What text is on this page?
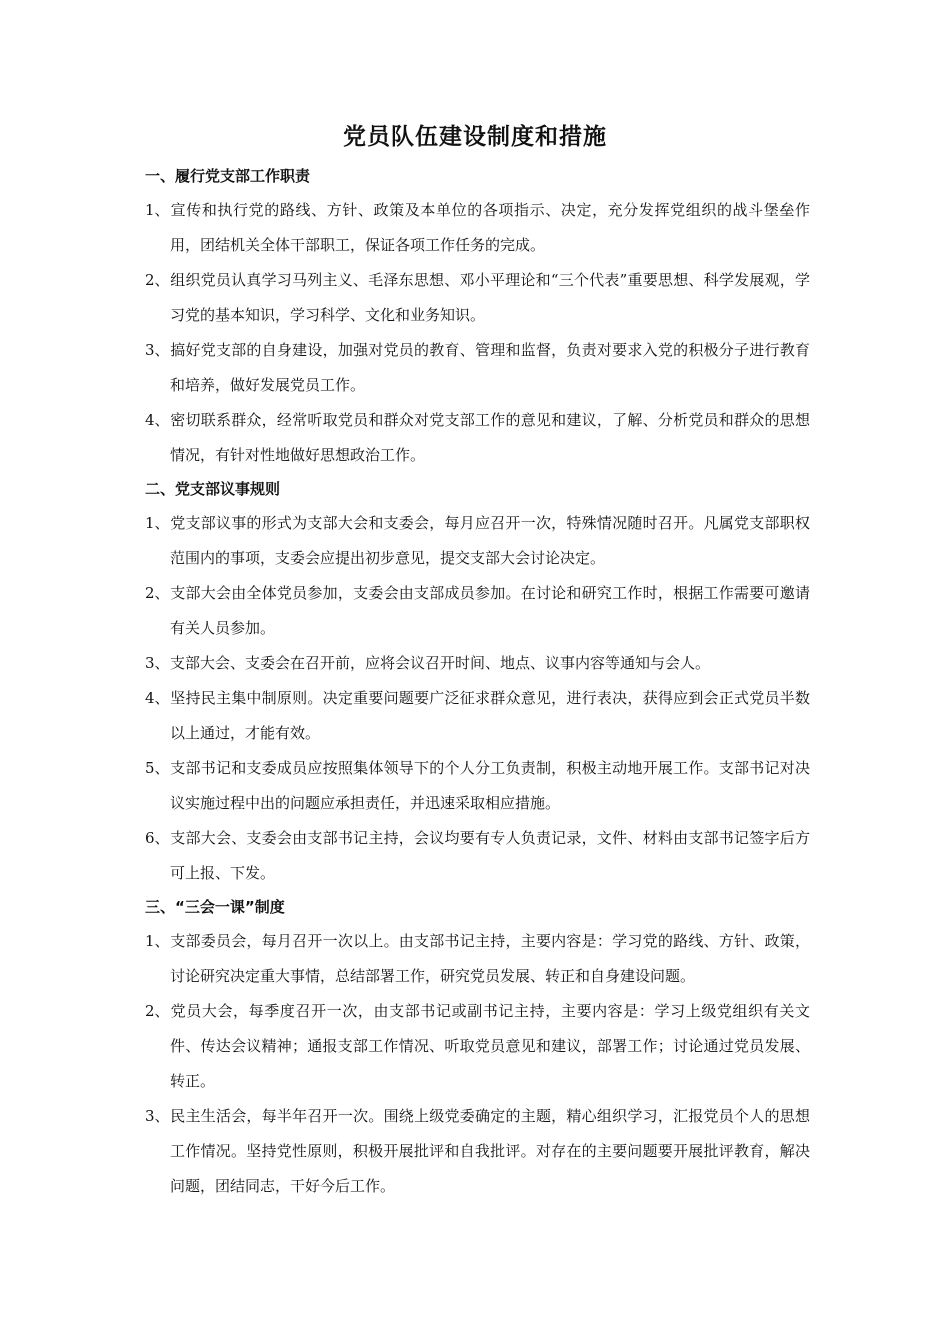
党员队伍建设制度和措施
一、履行党支部工作职责
1、宣传和执行党的路线、方针、政策及本单位的各项指示、决定，充分发挥党组织的战斗堡垒作用，团结机关全体干部职工，保证各项工作任务的完成。
2、组织党员认真学习马列主义、毛泽东思想、邓小平理论和“三个代表”重要思想、科学发展观，学习党的基本知识，学习科学、文化和业务知识。
3、搞好党支部的自身建设，加强对党员的教育、管理和监督，负责对要求入党的积极分子进行教育和培养，做好发展党员工作。
4、密切联系群众，经常听取党员和群众对党支部工作的意见和建议，了解、分析党员和群众的思想情况，有针对性地做好思想政治工作。
二、党支部议事规则
1、党支部议事的形式为支部大会和支委会，每月应召开一次，特殊情况随时召开。凡属党支部职权范围内的事项，支委会应提出初步意见，提交支部大会讨论决定。
2、支部大会由全体党员参加，支委会由支部成员参加。在讨论和研究工作时，根据工作需要可邀请有关人员参加。
3、支部大会、支委会在召开前，应将会议召开时间、地点、议事内容等通知与会人。
4、坚持民主集中制原则。决定重要问题要广泛征求群众意见，进行表决，获得应到会正式党员半数以上通过，才能有效。
5、支部书记和支委成员应按照集体领导下的个人分工负责制，积极主动地开展工作。支部书记对决议实施过程中出的问题应承担责任，并迅速采取相应措施。
6、支部大会、支委会由支部书记主持，会议均要有专人负责记录，文件、材料由支部书记签字后方可上报、下发。
三、“三会一课”制度
1、支部委员会，每月召开一次以上。由支部书记主持，主要内容是：学习党的路线、方针、政策，讨论研究决定重大事情，总结部署工作，研究党员发展、转正和自身建设问题。
2、党员大会，每季度召开一次，由支部书记或副书记主持，主要内容是：学习上级党组织有关文件、传达会议精神；通报支部工作情况、听取党员意见和建议，部署工作；讨论通过党员发展、转正。
3、民主生活会，每半年召开一次。围绕上级党委确定的主题，精心组织学习，汇报党员个人的思想工作情况。坚持党性原则，积极开展批评和自我批评。对存在的主要问题要开展批评教育，解决问题，团结同志，干好今后工作。
